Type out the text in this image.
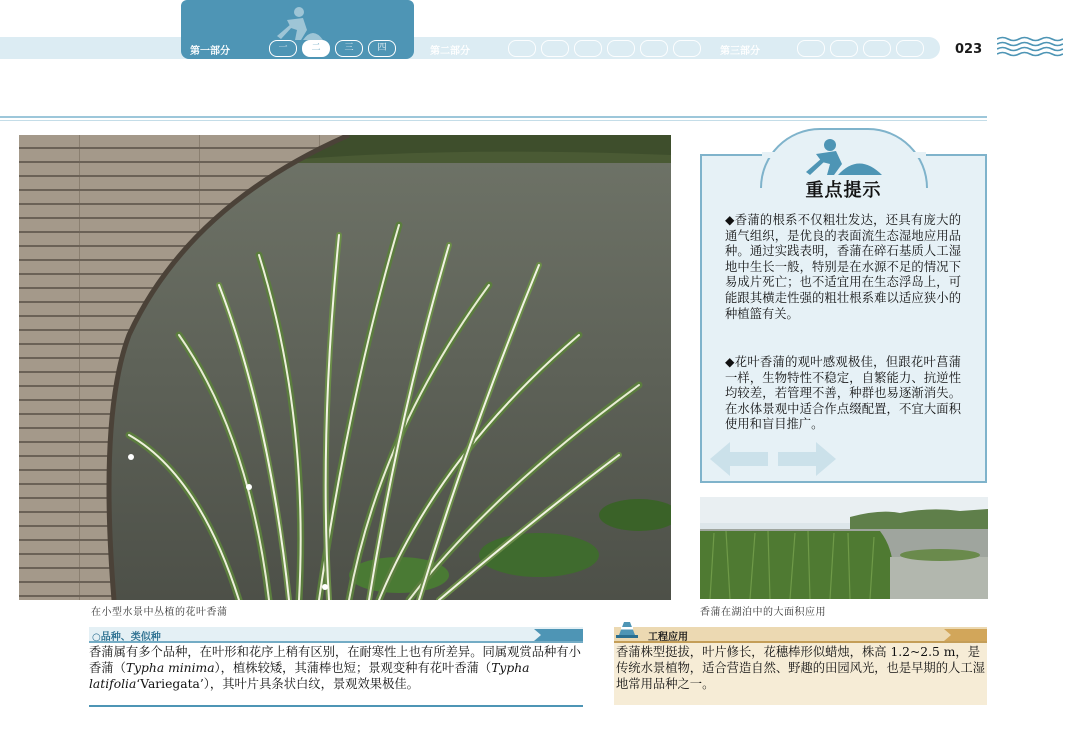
第一部分	一	二	三	四	第二部分	第三部分	023
在小型水景中丛植的花叶香蒲
重点提示
◆香蒲的根系不仅粗壮发达，还具有庞大的通气组织，是优良的表面流生态湿地应用品种。通过实践表明，香蒲在碎石基质人工湿地中生长一般，特别是在水源不足的情况下易成片死亡；也不适宜用在生态浮岛上，可能跟其横走性强的粗壮根系难以适应狭小的种植篮有关。
◆花叶香蒲的观叶感观极佳，但跟花叶菖蒲一样，生物特性不稳定，自繁能力、抗逆性均较差，若管理不善，种群也易逐渐消失。在水体景观中适合作点缀配置，不宜大面积使用和盲目推广。
香蒲在湖泊中的大面积应用
○品种、类似种
香蒲属有多个品种，在叶形和花序上稍有区别，在耐寒性上也有所差异。同属观赏品种有小香蒲（Typha minima），植株较矮，其蒲棒也短；景观变种有花叶香蒲（Typha latifolia‘Variegata’），其叶片具条状白纹，景观效果极佳。
工程应用
香蒲株型挺拔，叶片修长，花穗棒形似蜡烛，株高 1.2~2.5 m，是传统水景植物，适合营造自然、野趣的田园风光，也是早期的人工湿地常用品种之一。
